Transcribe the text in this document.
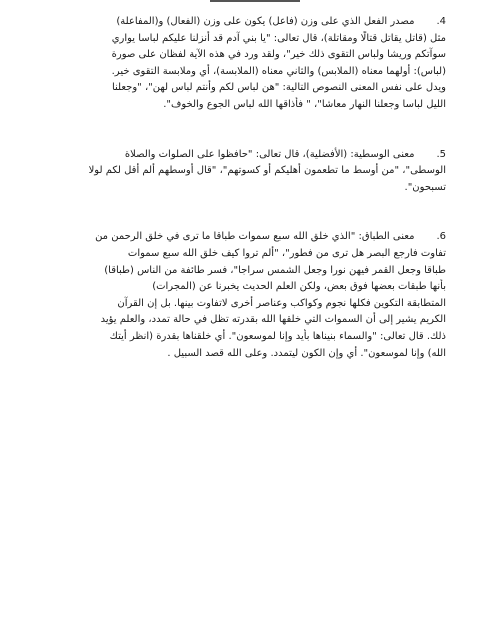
4.مصدر الفعل الذي على وزن (فاعل) يكون على وزن (الفعال) و(المفاعلة)
مثل (قاتل يقاتل قتالًا ومقاتلة)، قال تعالى: "يا بني آدم قد أنزلنا عليكم لباسا يواري
سوآتكم وريشا ولباس التقوى ذلك خير"، ولقد ورد في هذه الآية لفظان على صورة
(لباس): أولهما معناه (الملابس) والثاني معناه (الملابسة)، أي وملابسة التقوى خير.
ويدل على نفس المعنى النصوص التالية: "هن لباس لكم وأنتم لباس لهن"، "وجعلنا
الليل لباسا وجعلنا النهار معاشا"، " فأذاقها الله لباس الجوع والخوف".
5.معنى الوسطية: (الأفضلية)، قال تعالى: "حافظوا على الصلوات والصلاة
الوسطى"، "من أوسط ما تطعمون أهليكم أو كسوتهم"، "قال أوسطهم ألم أقل لكم لولا
تسبحون".
6.معنى الطباق: "الذي خلق الله سبع سموات طباقا ما ترى في خلق الرحمن من
تفاوت فارجع البصر هل ترى من فطور"، "ألم تروا كيف خلق الله سبع سموات
طباقا وجعل القمر فيهن نورا وجعل الشمس سراجا"، فسر طائفة من الناس (طباقا)
بأنها طبقات بعضها فوق بعض، ولكن العلم الحديث يخبرنا عن (المجرات)
المتطابقة التكوين فكلها نجوم وكواكب وعناصر أخرى لاتفاوت بينها. بل إن القرآن
الكريم يشير إلى أن السموات التي خلقها الله بقدرته تظل في حالة تمدد، والعلم يؤيد
ذلك. قال تعالى: "والسماء بنيناها بأيد وإنا لموسعون". أي خلقناها بقدرة (انظر أيتك
الله) وإنا لموسعون". أي وإن الكون ليتمدد. وعلى الله قصد السبيل .
